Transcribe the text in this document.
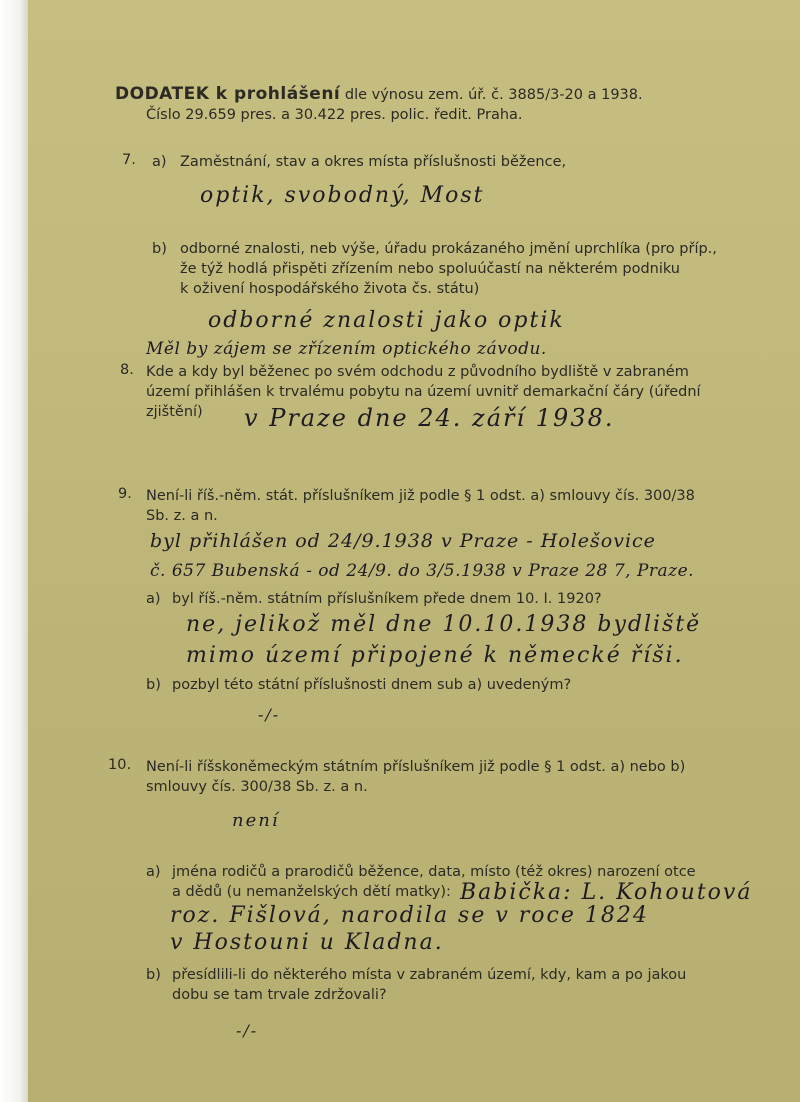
DODATEK k prohlášení dle výnosu zem. úř. č. 3885/3-20 a 1938.
Číslo 29.659 pres. a 30.422 pres. polic. ředit. Praha.
7. a) Zaměstnání, stav a okres místa příslušnosti běžence,
optik, svobodný, Most
b) odborné znalosti, neb výše, úřadu prokázaného jmění uprchlíka (pro příp.,
že týž hodlá přispěti zřízením nebo spoluúčastí na některém podniku
k oživení hospodářského života čs. státu)
odborné znalosti jako optik
Měl by zájem se zřízením optického závodu.
8. Kde a kdy byl běženec po svém odchodu z původního bydliště v zabraném
území přihlášen k trvalému pobytu na území uvnitř demarkační čáry (úřední
zjištění) v Praze dne 24. září 1938.
9. Není-li říš.-něm. stát. příslušníkem již podle § 1 odst. a) smlouvy čís. 300/38
Sb. z. a n.
byl přihlášen od 24/9.1938 v Praze - Holešovice
č. 657 Bubenská - od 24/9. do 3/5.1938 v Praze 28 7, Praze.
a) byl říš.-něm. státním příslušníkem přede dnem 10. I. 1920?
ne, jelikož měl dne 10.10.1938 bydliště
mimo území připojené k německé říši.
b) pozbyl této státní příslušnosti dnem sub a) uvedeným?
-/-
10. Není-li říšskoněmeckým státním příslušníkem již podle § 1 odst. a) nebo b)
smlouvy čís. 300/38 Sb. z. a n.
není
a) jména rodičů a prarodičů běžence, data, místo (též okres) narození otce
a dědů (u nemanželských dětí matky): Babička: L. Kohoutová
roz. Fišlová, narodila se v roce 1824
v Hostouni u Kladna.
b) přesídlili-li do některého místa v zabraném území, kdy, kam a po jakou
dobu se tam trvale zdržovali?
-/-
